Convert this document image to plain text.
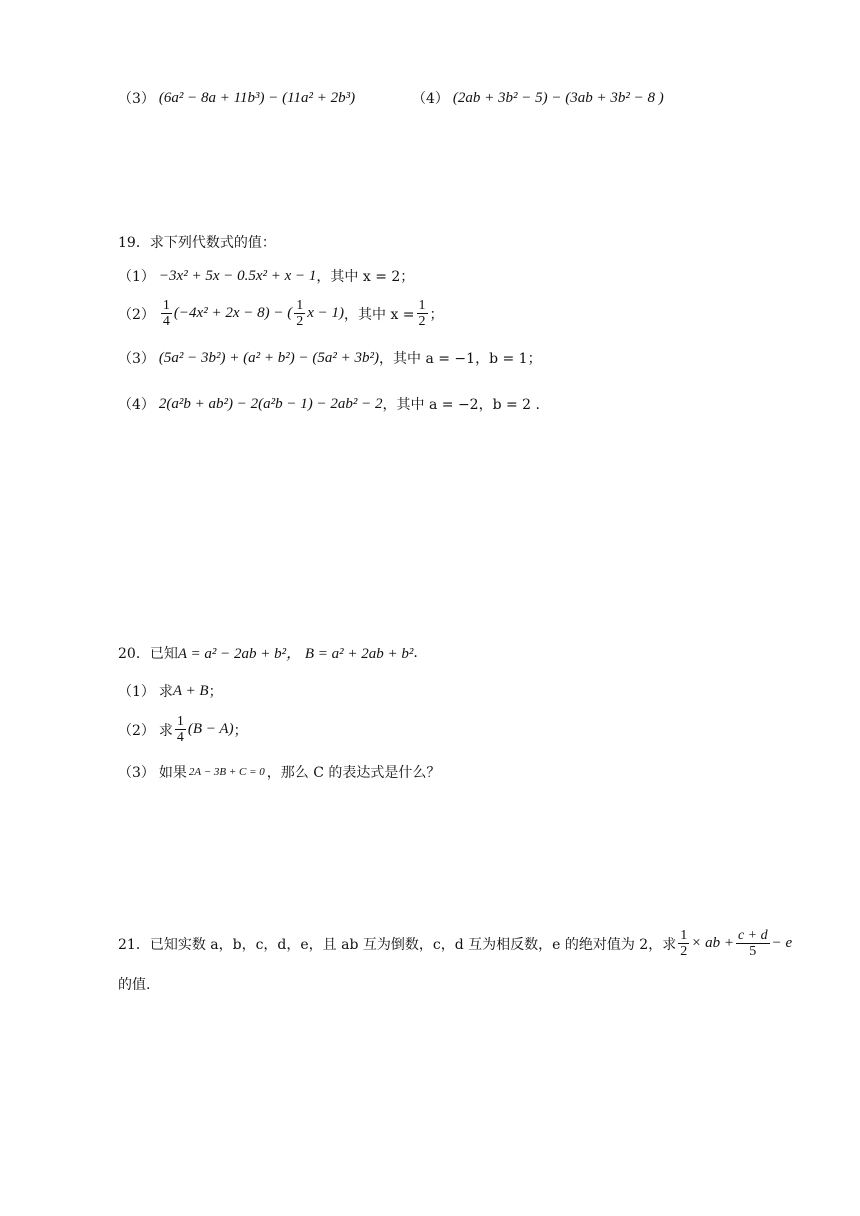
（3） (6a² − 8a + 11b³) − (11a² + 2b³)	（4） (2ab + 3b² − 5) − (3ab + 3b² − 8 )
19．求下列代数式的值：
（1） −3x² + 5x − 0.5x² + x − 1 ，其中 x = 2；
$(2) \frac{1}{4} (-4x^2 + 2x - 8)$ − ( $\frac{1}{2}$ x − 1) ，其中 $x = \frac{1}{2}$ ；
（3） (5a² − 3b²) + (a² + b²) − (5a² + 3b²) ，其中 a = −1，b = 1；
（4） 2(a²b + ab²) − 2(a²b − 1) − 2ab² − 2 ，其中 a = −2，b = 2 .
20．已知 A = a² − 2ab + b²， B = a² + 2ab + b² .
（1） 求 A + B ；
（2） 求 $\frac{1}{4} (B - A)$ ；
（3） 如果 2A − 3B + C = 0 ，那么 C 的表达式是什么？
21．已知实数 a，b，c，d，e，且 ab 互为倒数，c，d 互为相反数，e 的绝对值为 2，求 $\frac{1}{2}$ × ab + $\frac{c + d}{5} - e$
的值.
